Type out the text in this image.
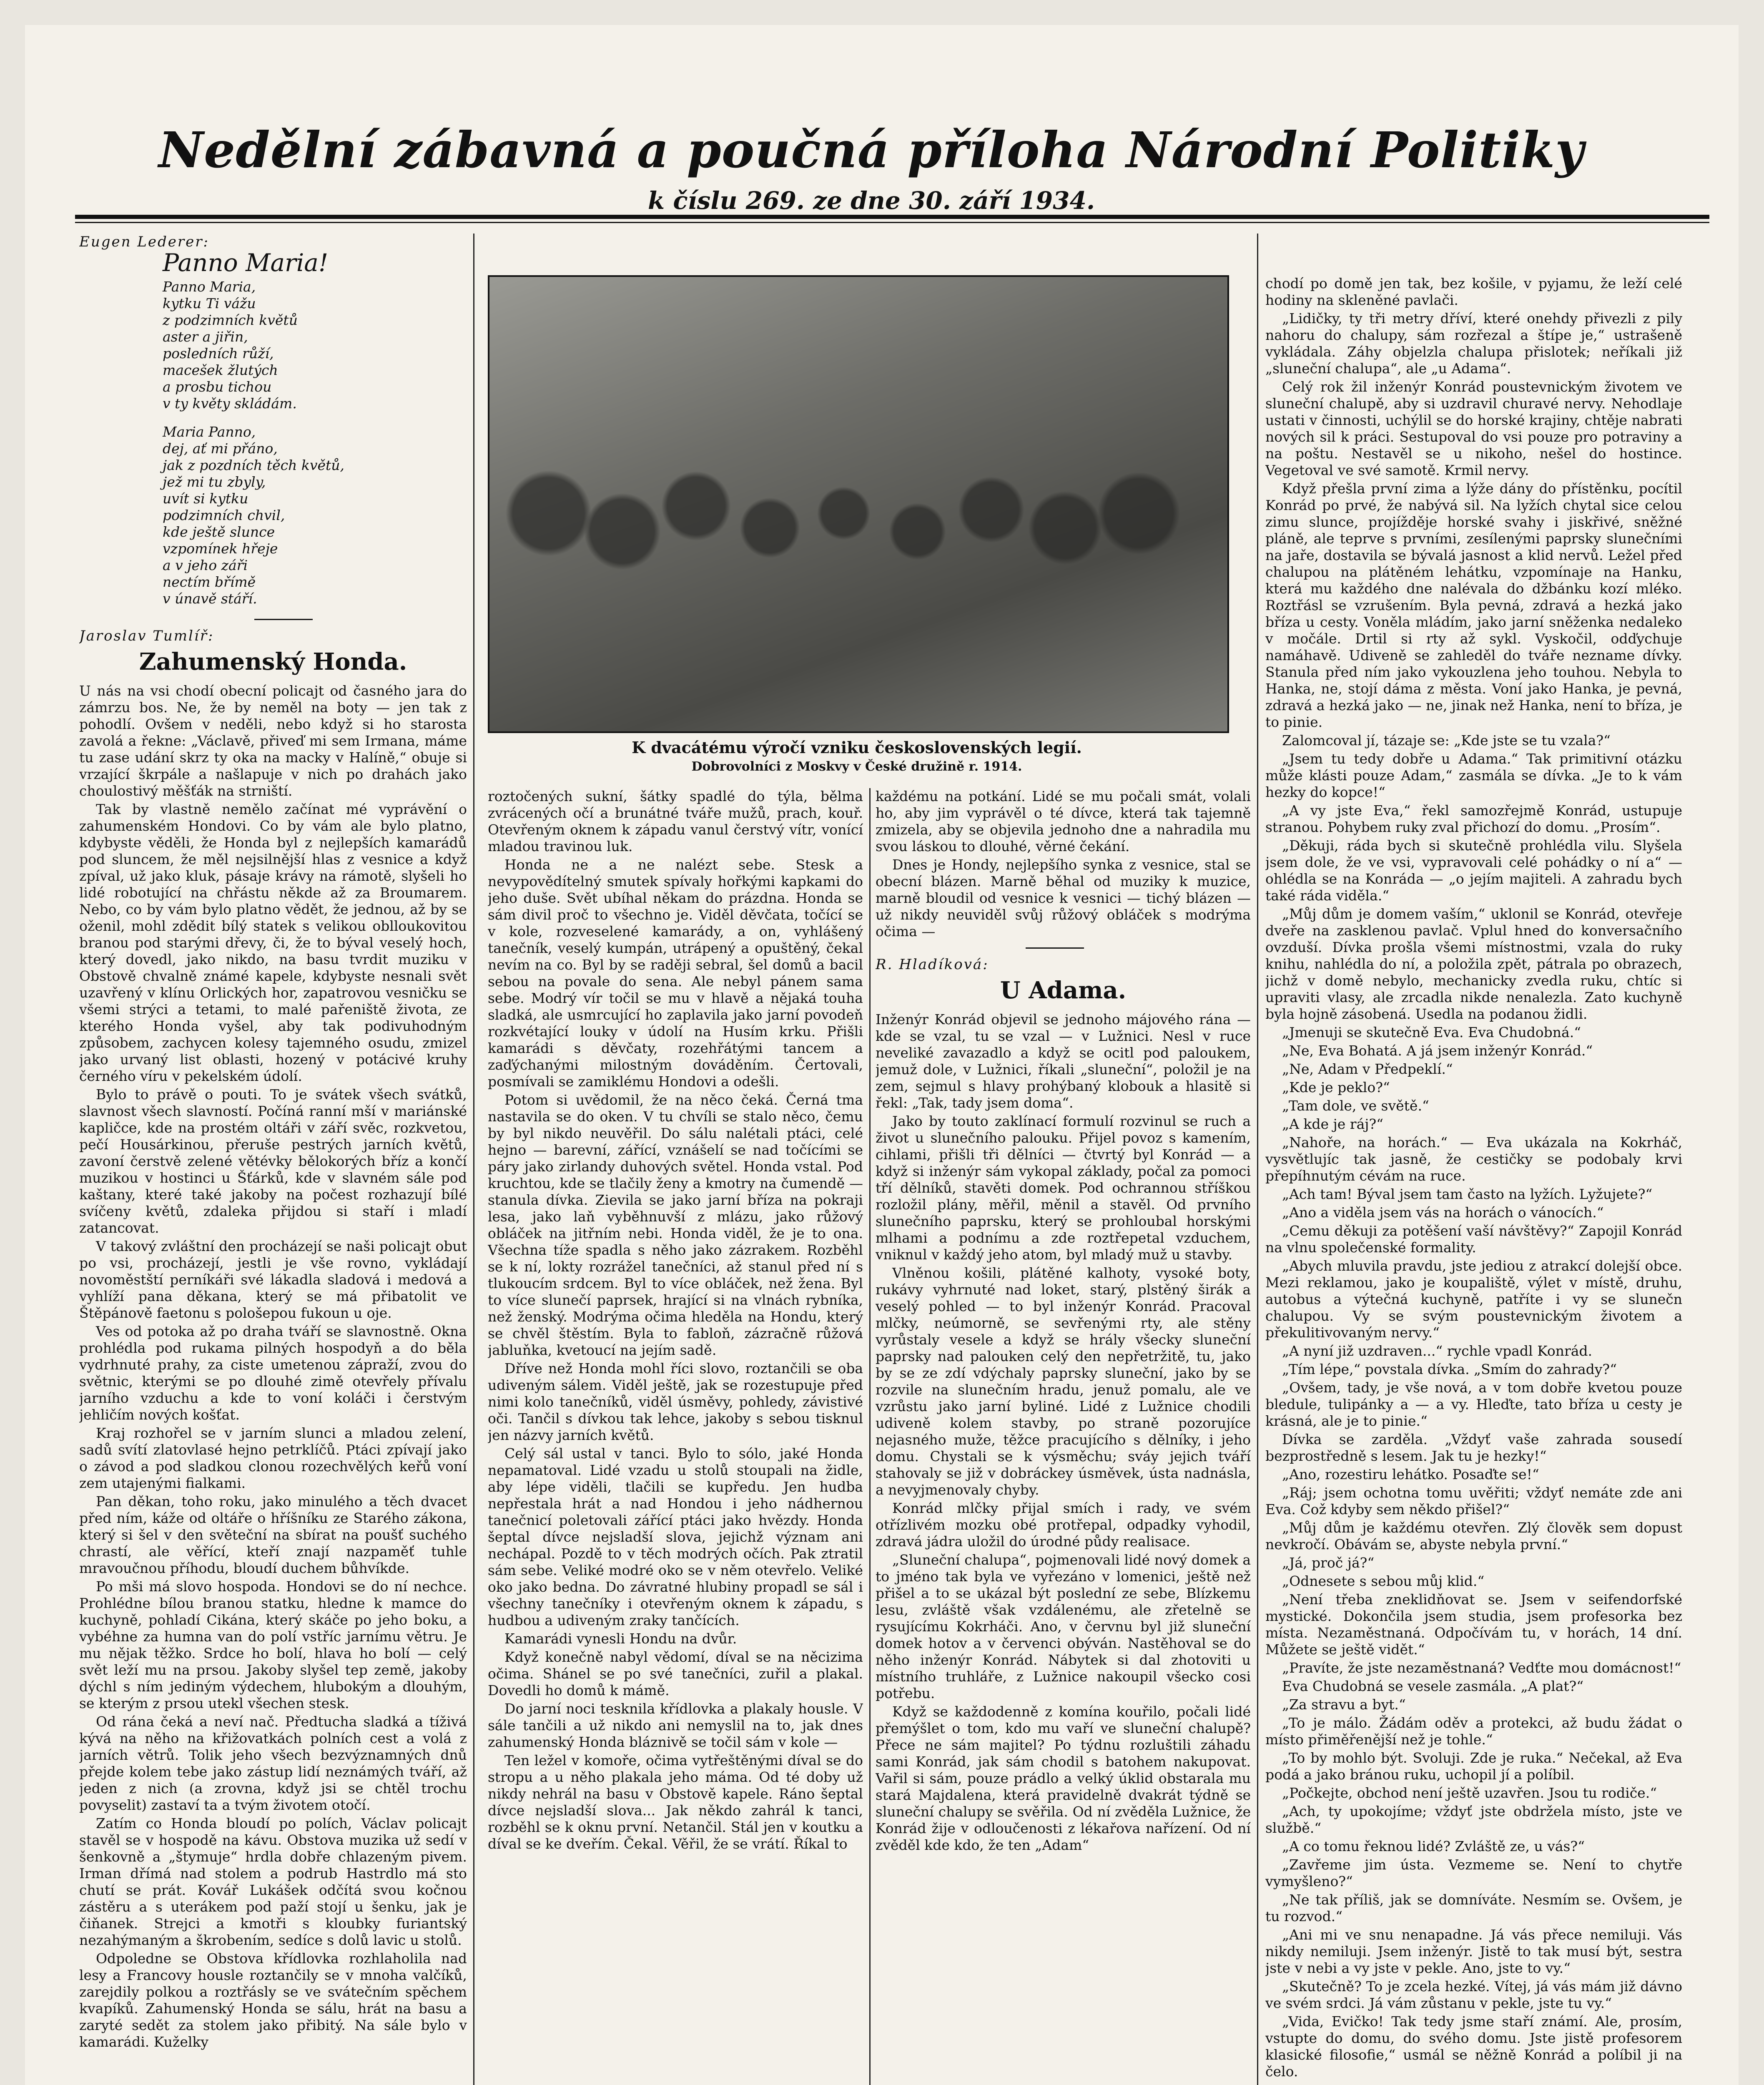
Nedělní zábavná a poučná příloha Národní Politiky
k číslu 269. ze dne 30. září 1934.
Eugen Lederer:
Panno Maria!
Panno Maria,
kytku Ti vážu
z podzimních květů
aster a jiřin,
posledních růží,
macešek žlutých
a prosbu tichou
v ty květy skládám.
Maria Panno,
dej, ať mi přáno,
jak z pozdních těch květů,
jež mi tu zbyly,
uvít si kytku
podzimních chvil,
kde ještě slunce
vzpomínek hřeje
a v jeho záři
nectím břímě
v únavě stáří.
Jaroslav Tumlíř:
Zahumenský Honda.

U nás na vsi chodí obecní policajt od časného jara do zámrzu bos. Ne, že by neměl na boty — jen tak z pohodlí. Ovšem v neděli, nebo když si ho starosta zavolá a řekne: „Václavě, přiveď mi sem Irmana, máme tu zase udání skrz ty oka na macky v Halíně,“ obuje si vrzající škrpále a našlapuje v nich po drahách jako choulostivý měšťák na strniští.

Tak by vlastně nemělo začínat mé vyprávění o zahumenském Hondovi. Co by vám ale bylo platno, kdybyste věděli, že Honda byl z nejlepších kamarádů pod sluncem, že měl nejsilnější hlas z vesnice a když zpíval, už jako kluk, pásaje krávy na rámotě, slyšeli ho lidé robotující na chřástu někde až za Broumarem. Nebo, co by vám bylo platno vědět, že jednou, až by se oženil, mohl zdědit bílý statek s velikou oblloukovitou branou pod starými dřevy, či, že to býval veselý hoch, který dovedl, jako nikdo, na basu tvrdit muziku v Obstově chvalně známé kapele, kdybyste nesnali svět uzavřený v klínu Orlických hor, zapatrovou vesničku se všemi strýci a tetami, to malé pařeniště života, ze kterého Honda vyšel, aby tak podivuhodným způsobem, zachycen kolesy tajemného osudu, zmizel jako urvaný list oblasti, hozený v potácivé kruhy černého víru v pekelském údolí.

Bylo to právě o pouti. To je svátek všech svátků, slavnost všech slavností. Počíná ranní mší v mariánské kapličce, kde na prostém oltáři v září svěc, rozkvetou, pečí Housárkinou, přeruše pestrých jarních květů, zavoní čerstvě zelené větévky bělokorých bříz a končí muzikou v hostinci u Šťárků, kde v slavném sále pod kaštany, které také jakoby na počest rozhazují bílé svíčeny květů, zdaleka přijdou si staří i mladí zatancovat.

V takový zvláštní den procházejí se naši policajt obut po vsi, procházejí, jestli je vše rovno, vykládají novoměstští perníkáři své lákadla sladová i medová a vyhlíží pana děkana, který se má přibatolit ve Štěpánově faetonu s pološepou fukoun u oje.

Ves od potoka až po draha tváří se slavnostně. Okna prohlédla pod rukama pilných hospodyň a do běla vydrhnuté prahy, za ciste umetenou zápraží, zvou do světnic, kterými se po dlouhé zimě otevřely přívalu jarního vzduchu a kde to voní koláči i čerstvým jehličím nových košťat.

Kraj rozhořel se v jarním slunci a mladou zelení, sadů svítí zlatovlasé hejno petrklíčů. Ptáci zpívají jako o závod a pod sladkou clonou rozechvělých keřů voní zem utajenými fialkami.

Pan děkan, toho roku, jako minulého a těch dvacet před ním, káže od oltáře o hříšníku ze Starého zákona, který si šel v den světeční na sbírat na poušť suchého chrastí, ale věřící, kteří znají nazpaměť tuhle mravoučnou příhodu, bloudí duchem bůhvíkde.

Po mši má slovo hospoda. Hondovi se do ní nechce. Prohlédne bílou branou statku, hledne k mamce do kuchyně, pohladí Cikána, který skáče po jeho boku, a vybéhne za humna van do polí vstříc jarnímu větru. Je mu nějak těžko. Srdce ho bolí, hlava ho bolí — celý svět leží mu na prsou. Jakoby slyšel tep země, jakoby dýchl s ním jediným výdechem, hlubokým a dlouhým, se kterým z prsou utekl všechen stesk.

Od rána čeká a neví nač. Předtucha sladká a tíživá kývá na něho na křižovatkách polních cest a volá z jarních větrů. Tolik jeho všech bezvýznamných dnů přejde kolem tebe jako zástup lidí neznámých tváří, až jeden z nich (a zrovna, když jsi se chtěl trochu povyselit) zastaví ta a tvým životem otočí.

Zatím co Honda bloudí po polích, Václav policajt stavěl se v hospodě na kávu. Obstova muzika už sedí v šenkovně a „štymuje“ hrdla dobře chlazeným pivem. Irman dřímá nad stolem a podrub Hastrdlo má sto chutí se prát. Kovář Lukášek odčítá svou kočnou zástěru a s uterákem pod paží stojí u šenku, jak je čiňanek. Strejci a kmotři s kloubky furiantský nezahýmaným a škrobením, sedíce s dolů lavic u stolů.

Odpoledne se Obstova křídlovka rozhlaholila nad lesy a Francovy housle roztančily se v mnoha valčíků, zarejdily polkou a roztřásly se ve svátečním spěchem kvapíků. Zahumenský Honda se sálu, hrát na basu a zaryté sedět za stolem jako přibitý. Na sále bylo v kamarádi. Kuželky

K dvacátému výročí vzniku československých legií.
Dobrovolníci z Moskvy v České družině r. 1914.

roztočených sukní, šátky spadlé do týla, bělma zvrácených očí a brunátné tváře mužů, prach, kouř. Otevřeným oknem k západu vanul čerstvý vítr, vonící mladou travinou luk.

Honda ne a ne nalézt sebe. Stesk a nevypovědítelný smutek spívaly hořkými kapkami do jeho duše. Svět ubíhal někam do prázdna. Honda se sám divil proč to všechno je. Viděl děvčata, točící se v kole, rozveselené kamarády, a on, vyhlášený tanečník, veselý kumpán, utrápený a opuštěný, čekal nevím na co. Byl by se raději sebral, šel domů a bacil sebou na povale do sena. Ale nebyl pánem sama sebe. Modrý vír točil se mu v hlavě a nějaká touha sladká, ale usmrcující ho zaplavila jako jarní povodeň rozkvétající louky v údolí na Husím krku. Přišli kamarádi s děvčaty, rozehřátými tancem a zaďýchanými milostným dováděním. Čertovali, posmívali se zamiklému Hondovi a odešli.

Potom si uvědomil, že na něco čeká. Černá tma nastavila se do oken. V tu chvíli se stalo něco, čemu by byl nikdo neuvěřil. Do sálu nalétali ptáci, celé hejno — barevní, zářící, vznášelí se nad točícími se páry jako zirlandy duhových světel. Honda vstal. Pod kruchtou, kde se tlačily ženy a kmotry na čumendě — stanula dívka. Zievila se jako jarní bříza na pokraji lesa, jako laň vyběhnuvší z mlázu, jako růžový obláček na jitřním nebi. Honda viděl, že je to ona. Všechna tíže spadla s něho jako zázrakem. Rozběhl se k ní, lokty rozrážel tanečníci, až stanul před ní s tlukoucím srdcem. Byl to více obláček, než žena. Byl to více slunečí paprsek, hrající si na vlnách rybníka, než ženský. Modrýma očima hleděla na Hondu, který se chvěl štěstím. Byla to fabloň, zázračně růžová jabluňka, kvetoucí na jejím sadě.

Dříve než Honda mohl říci slovo, roztančili se oba udiveným sálem. Viděl ještě, jak se rozestupuje před nimi kolo tanečníků, viděl úsměvy, pohledy, závistivé oči. Tančil s dívkou tak lehce, jakoby s sebou tisknul jen názvy jarních květů.

Celý sál ustal v tanci. Bylo to sólo, jaké Honda nepamatoval. Lidé vzadu u stolů stoupali na židle, aby lépe viděli, tlačili se kupředu. Jen hudba nepřestala hrát a nad Hondou i jeho nádhernou tanečnicí poletovali zářící ptáci jako hvězdy. Honda šeptal dívce nejsladší slova, jejichž význam ani nechápal. Pozdě to v těch modrých očích. Pak ztratil sám sebe. Veliké modré oko se v něm otevřelo. Veliké oko jako bedna. Do závratné hlubiny propadl se sál i všechny tanečníky i otevřeným oknem k západu, s hudbou a udiveným zraky tančících.

Kamarádi vynesli Hondu na dvůr.

Když konečně nabyl vědomí, díval se na něcizima očima. Shánel se po své tanečníci, zuřil a plakal. Dovedli ho domů k mámě.

Do jarní noci tesknila křídlovka a plakaly housle. V sále tančili a už nikdo ani nemyslil na to, jak dnes zahumenský Honda bláznivě se točil sám v kole —

Ten ležel v komoře, očima vytřeštěnými díval se do stropu a u něho plakala jeho máma. Od té doby už nikdy nehrál na basu v Obstově kapele. Ráno šeptal dívce nejsladší slova... Jak někdo zahrál k tanci, rozběhl se k oknu první. Netančil. Stál jen v koutku a díval se ke dveřím. Čekal. Věřil, že se vrátí. Říkal to

každému na potkání. Lidé se mu počali smát, volali ho, aby jim vyprávěl o té dívce, která tak tajemně zmizela, aby se objevila jednoho dne a nahradila mu svou láskou to dlouhé, věrné čekání.

Dnes je Hondy, nejlepšího synka z vesnice, stal se obecní blázen. Marně běhal od muziky k muzice, marně bloudil od vesnice k vesnici — tichý blázen — už nikdy neuviděl svůj růžový obláček s modrýma očima —

R. Hladíková:
U Adama.

Inženýr Konrád objevil se jednoho májového rána — kde se vzal, tu se vzal — v Lužnici. Nesl v ruce neveliké zavazadlo a když se ocitl pod paloukem, jemuž dole, v Lužnici, říkali „sluneční“, položil je na zem, sejmul s hlavy prohýbaný klobouk a hlasitě si řekl: „Tak, tady jsem doma“.

Jako by touto zaklínací formulí rozvinul se ruch a život u slunečního palouku. Přijel povoz s kamením, cihlami, přišli tři dělníci — čtvrtý byl Konrád — a když si inženýr sám vykopal základy, počal za pomoci tří dělníků, stavěti domek. Pod ochrannou stříškou rozložil plány, měřil, měnil a stavěl. Od prvního slunečního paprsku, který se prohloubal horskými mlhami a podnímu a zde roztřepetal vzduchem, vniknul v každý jeho atom, byl mladý muž u stavby.

Vlněnou košili, plátěné kalhoty, vysoké boty, rukávy vyhrnuté nad loket, starý, plstěný širák a veselý pohled — to byl inženýr Konrád. Pracoval mlčky, neúmorně, se sevřenými rty, ale stěny vyrůstaly vesele a když se hrály všecky sluneční paprsky nad palouken celý den nepřetržitě, tu, jako by se ze zdí vdýchaly paprsky sluneční, jako by se rozvile na slunečním hradu, jenuž pomalu, ale ve vzrůstu jako jarní byliné. Lidé z Lužnice chodili udiveně kolem stavby, po straně pozorujíce nejasného muže, těžce pracujícího s dělníky, i jeho domu. Chystali se k výsměchu; sváy jejich tváří stahovaly se již v dobráckey úsměvek, ústa nadnásla, a nevyjmenovaly chyby.

Konrád mlčky přijal smích i rady, ve svém otřízlivém mozku obé protřepal, odpadky vyhodil, zdravá jádra uložil do úrodné půdy realisace.

„Sluneční chalupa“, pojmenovali lidé nový domek a to jméno tak byla ve vyřezáno v lomenici, ještě než přišel a to se ukázal být poslední ze sebe, Blízkemu lesu, zvláště však vzdálenému, ale zřetelně se rysujícímu Kokrháči. Ano, v červnu byl již sluneční domek hotov a v červenci obýván. Nastěhoval se do něho inženýr Konrád. Nábytek si dal zhotoviti u místního truhláře, z Lužnice nakoupil všecko cosi potřebu.

Když se každodenně z komína kouřilo, počali lidé přemýšlet o tom, kdo mu vaří ve sluneční chalupě? Přece ne sám majitel? Po týdnu rozluštili záhadu sami Konrád, jak sám chodil s batohem nakupovat. Vařil si sám, pouze prádlo a velký úklid obstarala mu stará Majdalena, která pravidelně dvakrát týdně se sluneční chalupy se svěřila. Od ní zvěděla Lužnice, že Konrád žije v odloučenosti z lékařova nařízení. Od ní zvěděl kde kdo, že ten „Adam“

chodí po domě jen tak, bez košile, v pyjamu, že leží celé hodiny na skleněné pavlači.

„Lidičky, ty tři metry dříví, které onehdy přivezli z pily nahoru do chalupy, sám rozřezal a štípe je,“ ustrašeně vykládala. Záhy objelzla chalupa přislotek; neříkali již „sluneční chalupa“, ale „u Adama“.

Celý rok žil inženýr Konrád poustevnickým životem ve sluneční chalupě, aby si uzdravil churavé nervy. Nehodlaje ustati v činnosti, uchýlil se do horské krajiny, chtěje nabrati nových sil k práci. Sestupoval do vsi pouze pro potraviny a na poštu. Nestavěl se u nikoho, nešel do hostince. Vegetoval ve své samotě. Krmil nervy.

Když přešla první zima a lýže dány do přístěnku, pocítil Konrád po prvé, že nabývá sil. Na lyžích chytal sice celou zimu slunce, projížděje horské svahy i jiskřivé, sněžné pláně, ale teprve s prvními, zesílenými paprsky slunečními na jaře, dostavila se bývalá jasnost a klid nervů. Ležel před chalupou na plátěném lehátku, vzpomínaje na Hanku, která mu každého dne nalévala do džbánku kozí mléko. Roztřásl se vzrušením. Byla pevná, zdravá a hezká jako bříza u cesty. Voněla mládím, jako jarní sněženka nedaleko v močále. Drtil si rty až sykl. Vyskočil, odďychuje namáhavě. Udiveně se zahleděl do tváře nezname dívky. Stanula před ním jako vykouzlena jeho touhou. Nebyla to Hanka, ne, stojí dáma z města. Voní jako Hanka, je pevná, zdravá a hezká jako — ne, jinak než Hanka, není to bříza, je to pinie.

Zalomcoval jí, tázaje se: „Kde jste se tu vzala?“

„Jsem tu tedy dobře u Adama.“ Tak primitivní otázku může klásti pouze Adam,“ zasmála se dívka. „Je to k vám hezky do kopce!“

„A vy jste Eva,“ řekl samozřejmě Konrád, ustupuje stranou. Pohybem ruky zval přichozí do domu. „Prosím“.

„Děkuji, ráda bych si skutečně prohlédla vilu. Slyšela jsem dole, že ve vsi, vypravovali celé pohádky o ní a“ — ohlédla se na Konráda — „o jejím majiteli. A zahradu bych také ráda viděla.“

„Můj dům je domem vaším,“ uklonil se Konrád, otevřeje dveře na zasklenou pavlač. Vplul hned do konversačního ovzduší. Dívka prošla všemi místnostmi, vzala do ruky knihu, nahlédla do ní, a položila zpět, pátrala po obrazech, jichž v domě nebylo, mechanicky zvedla ruku, chtíc si upraviti vlasy, ale zrcadla nikde nenalezla. Zato kuchyně byla hojně zásobená. Usedla na podanou židli.

„Jmenuji se skutečně Eva. Eva Chudobná.“

„Ne, Eva Bohatá. A já jsem inženýr Konrád.“

„Ne, Adam v Předpeklí.“

„Kde je peklo?“

„Tam dole, ve světě.“

„A kde je ráj?“

„Nahoře, na horách.“ — Eva ukázala na Kokrháč, vysvětlujíc tak jasně, že cestičky se podobaly krvi přepíhnutým cévám na ruce.

„Ach tam! Býval jsem tam často na lyžích. Lyžujete?“

„Ano a viděla jsem vás na horách o vánocích.“

„Cemu děkuji za potěšení vaší návštěvy?“ Zapojil Konrád na vlnu společenské formality.

„Abych mluvila pravdu, jste jediou z atrakcí dolejší obce. Mezi reklamou, jako je koupaliště, výlet v místě, druhu, autobus a výtečná kuchyně, patříte i vy se slunečn chalupou. Vy se svým poustevnickým životem a překulitivovaným nervy.“

„A nyní již uzdraven...“ rychle vpadl Konrád.

„Tím lépe,“ povstala dívka. „Smím do zahrady?“

„Ovšem, tady, je vše nová, a v tom dobře kvetou pouze bledule, tulipánky a — a vy. Hleďte, tato bříza u cesty je krásná, ale je to pinie.“

Dívka se zarděla. „Vždyť vaše zahrada sousedí bezprostředně s lesem. Jak tu je hezky!“

„Ano, rozestiru lehátko. Posaďte se!“

„Ráj; jsem ochotna tomu uvěřiti; vždyť nemáte zde ani Eva. Což kdyby sem někdo přišel?“

„Můj dům je každému otevřen. Zlý člověk sem dopust nevkročí. Obávám se, abyste nebyla první.“

„Já, proč já?“

„Odnesete s sebou můj klid.“

„Není třeba zneklidňovat se. Jsem v seifendorfské mystické. Dokončila jsem studia, jsem profesorka bez místa. Nezaměstnaná. Odpočívám tu, v horách, 14 dní. Můžete se ještě vidět.“

„Pravíte, že jste nezaměstnaná? Vedťte mou domácnost!“

Eva Chudobná se vesele zasmála. „A plat?“

„Za stravu a byt.“

„To je málo. Žádám oděv a protekci, až budu žádat o místo přiměřenější než je tohle.“

„To by mohlo být. Svoluji. Zde je ruka.“ Nečekal, až Eva podá a jako bránou ruku, uchopil jí a políbil.

„Počkejte, obchod není ještě uzavřen. Jsou tu rodiče.“

„Ach, ty upokojíme; vždyť jste obdržela místo, jste ve službě.“

„A co tomu řeknou lidé? Zvláště ze, u vás?“

„Zavřeme jim ústa. Vezmeme se. Není to chytře vymyšleno?“

„Ne tak příliš, jak se domníváte. Nesmím se. Ovšem, je tu rozvod.“

„Ani mi ve snu nenapadne. Já vás přece nemiluji. Vás nikdy nemiluji. Jsem inženýr. Jistě to tak musí být, sestra jste v nebi a vy jste v pekle. Ano, jste to vy.“

„Skutečně? To je zcela hezké. Vítej, já vás mám již dávno ve svém srdci. Já vám zůstanu v pekle, jste tu vy.“

„Vida, Evičko! Tak tedy jsme staří známí. Ale, prosím, vstupte do domu, do svého domu. Jste jistě profesorem klasické filosofie,“ usmál se něžně Konrád a políbil ji na čelo.
